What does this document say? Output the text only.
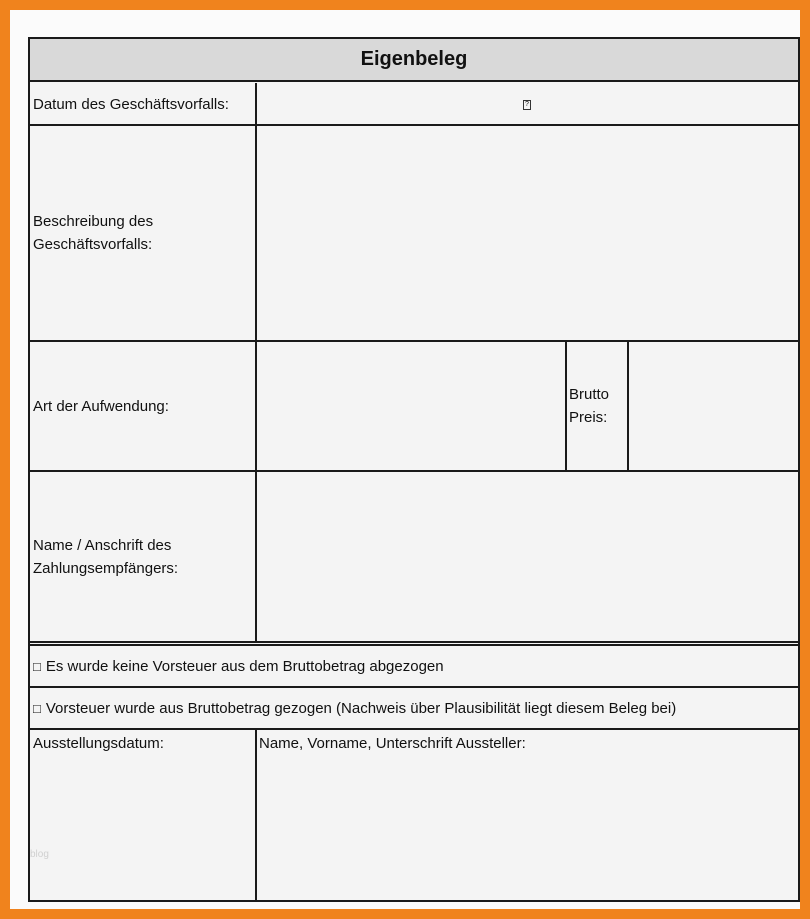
Eigenbeleg
Datum des Geschäftsvorfalls:	?
Beschreibung des
Geschäftsvorfalls:
Art der Aufwendung:
Brutto
Preis:
Name / Anschrift des
Zahlungsempfängers:
□ Es wurde keine Vorsteuer aus dem Bruttobetrag abgezogen
□ Vorsteuer wurde aus Bruttobetrag gezogen (Nachweis über Plausibilität liegt diesem Beleg bei)
Ausstellungsdatum:	Name, Vorname, Unterschrift Aussteller:
blog
